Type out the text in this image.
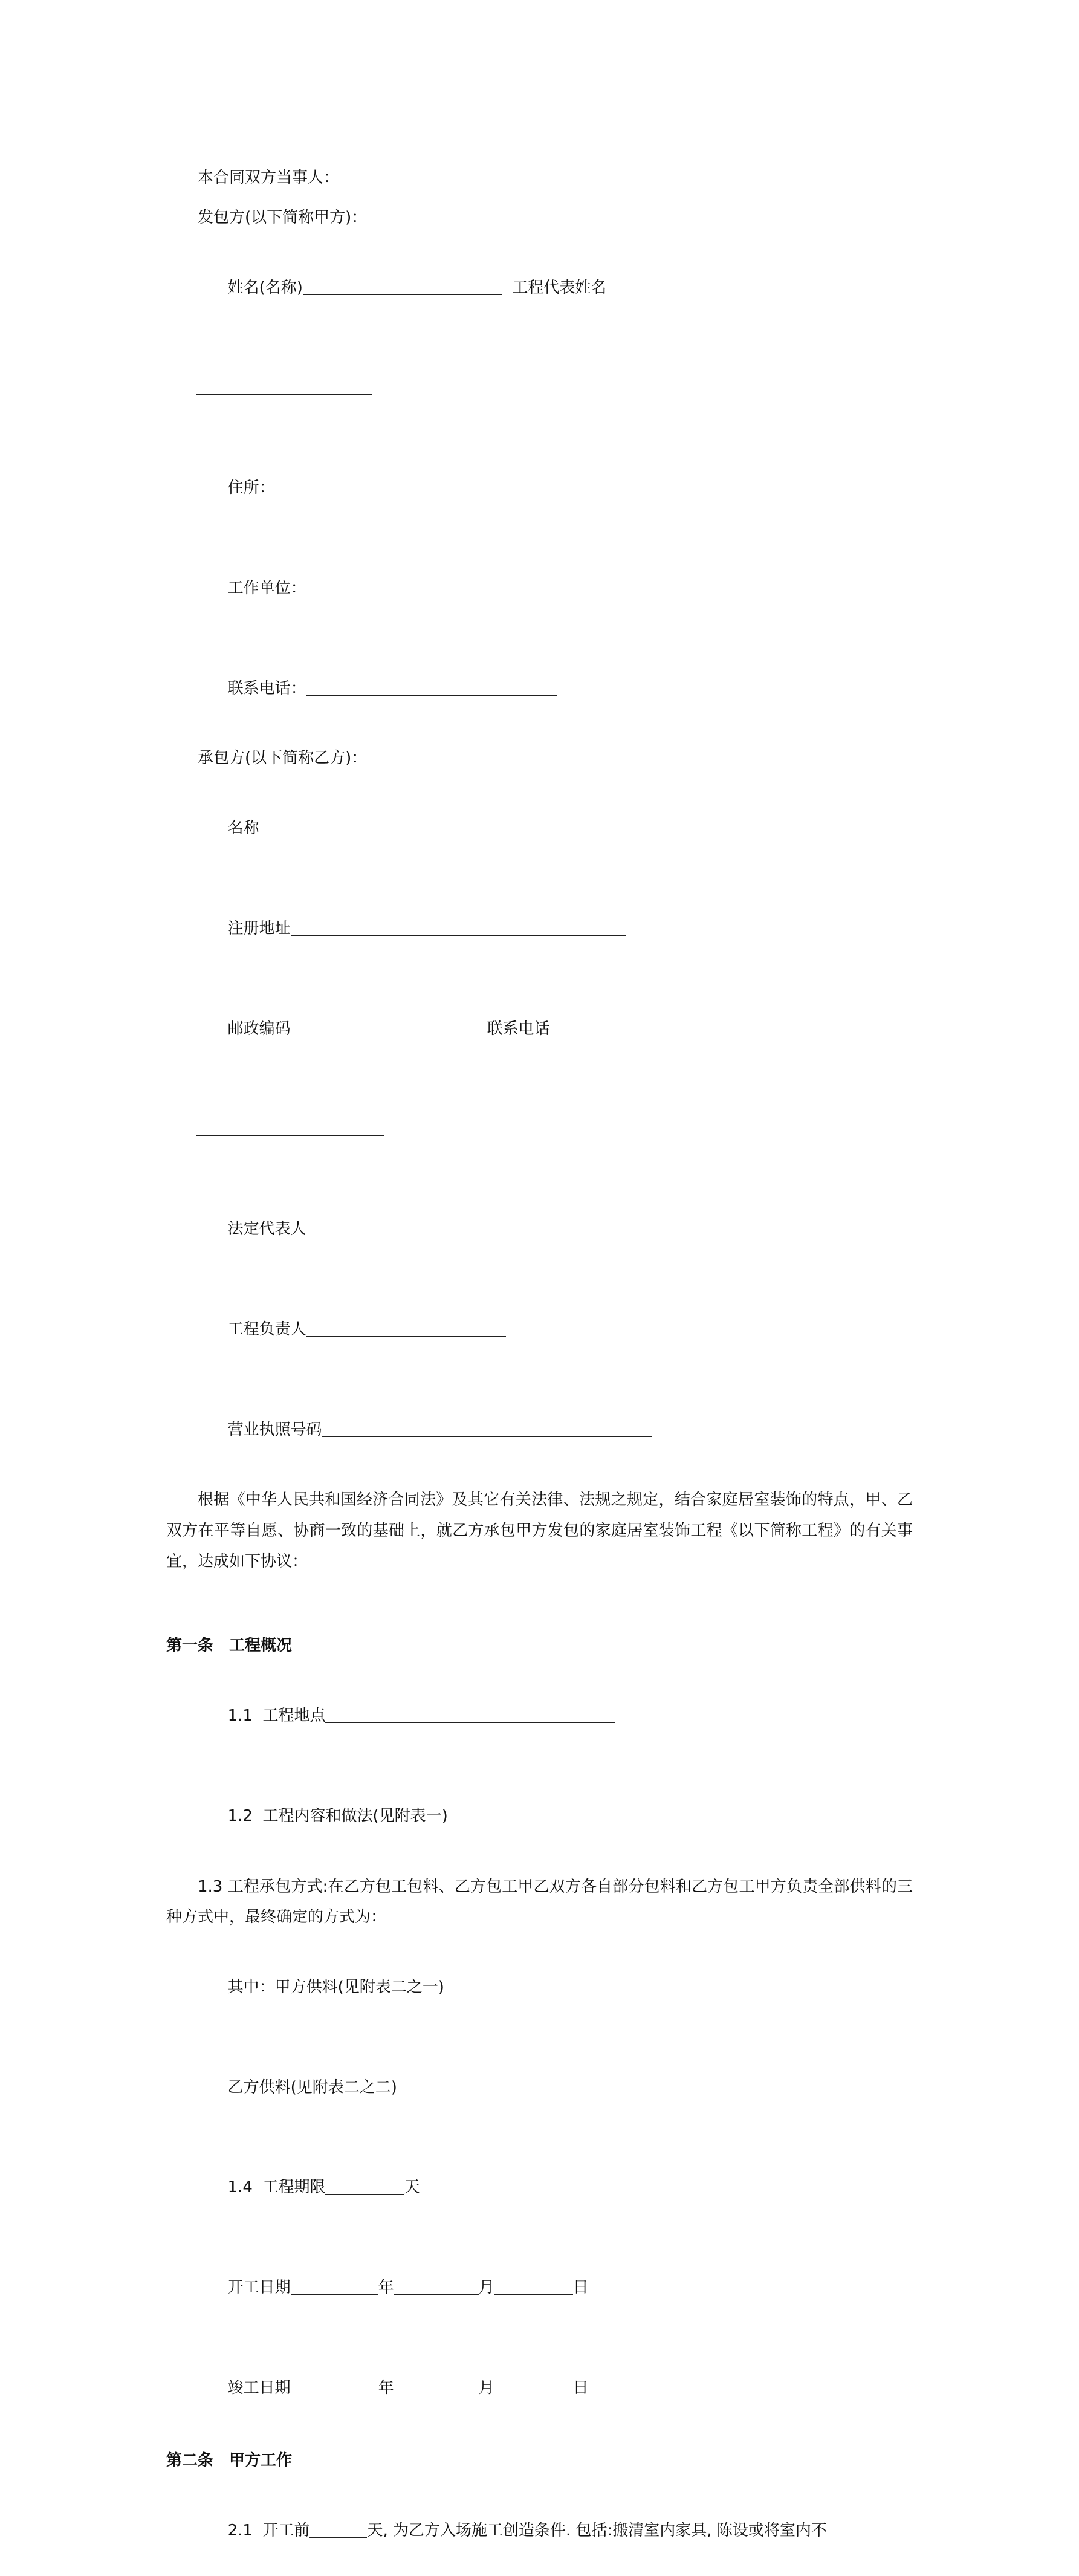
本合同双方当事人：
发包方(以下简称甲方)：

姓名(名称)	工程代表姓名

住所：

工作单位：

联系电话：

承包方(以下简称乙方)：

名称

注册地址

邮政编码	联系电话

法定代表人

工程负责人

营业执照号码

根据《中华人民共和国经济合同法》及其它有关法律、法规之规定，结合家庭居室装饰的特点，甲、乙双方在平等自愿、协商一致的基础上，就乙方承包甲方发包的家庭居室装饰工程《以下简称工程》的有关事宜，达成如下协议：
第一条 工程概况

1.1  工程地点

1.2  工程内容和做法(见附表一)

1.3 工程承包方式:在乙方包工包料、乙方包工甲乙双方各自部分包料和乙方包工甲方负责全部供料的三种方式中，最终确定的方式为：

其中：甲方供料(见附表二之一)

乙方供料(见附表二之二)

1.4  工程期限	天

开工日期	年	月	日

竣工日期	年	月	日

第二条 甲方工作

2.1  开工前	天, 为乙方入场施工创造条件. 包括:搬清室内家具, 陈设或将室内不
